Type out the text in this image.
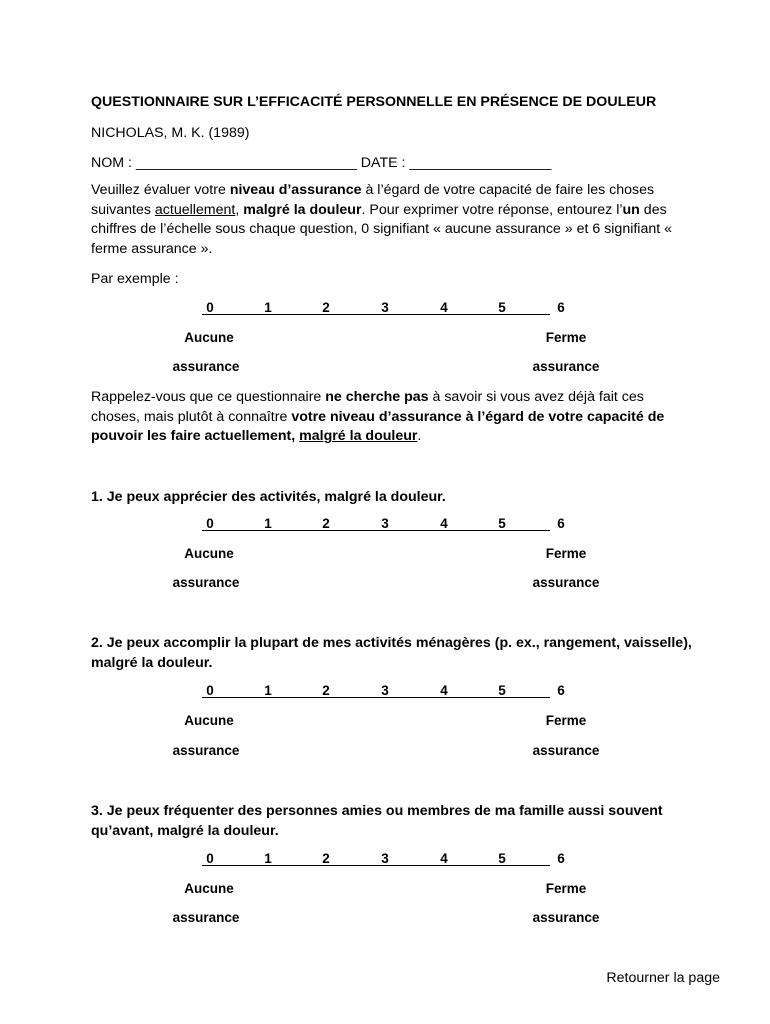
QUESTIONNAIRE SUR L’EFFICACITÉ PERSONNELLE EN PRÉSENCE DE DOULEUR
NICHOLAS, M. K. (1989)
NOM : ____________________________ DATE : __________________
Veuillez évaluer votre niveau d’assurance à l’égard de votre capacité de faire les choses suivantes actuellement, malgré la douleur. Pour exprimer votre réponse, entourez l’un des chiffres de l’échelle sous chaque question, 0 signifiant « aucune assurance » et 6 signifiant « ferme assurance ».
Par exemple :
0	1	2	3	4	5	6
Aucune
assurance
Ferme
assurance
Rappelez-vous que ce questionnaire ne cherche pas à savoir si vous avez déjà fait ces choses, mais plutôt à connaître votre niveau d’assurance à l’égard de votre capacité de pouvoir les faire actuellement, malgré la douleur.
1. Je peux apprécier des activités, malgré la douleur.
0	1	2	3	4	5	6
Aucune
assurance
Ferme
assurance
2. Je peux accomplir la plupart de mes activités ménagères (p. ex., rangement, vaisselle), malgré la douleur.
0	1	2	3	4	5	6
Aucune
assurance
Ferme
assurance
3. Je peux fréquenter des personnes amies ou membres de ma famille aussi souvent qu’avant, malgré la douleur.
0	1	2	3	4	5	6
Aucune
assurance
Ferme
assurance
Retourner la page
